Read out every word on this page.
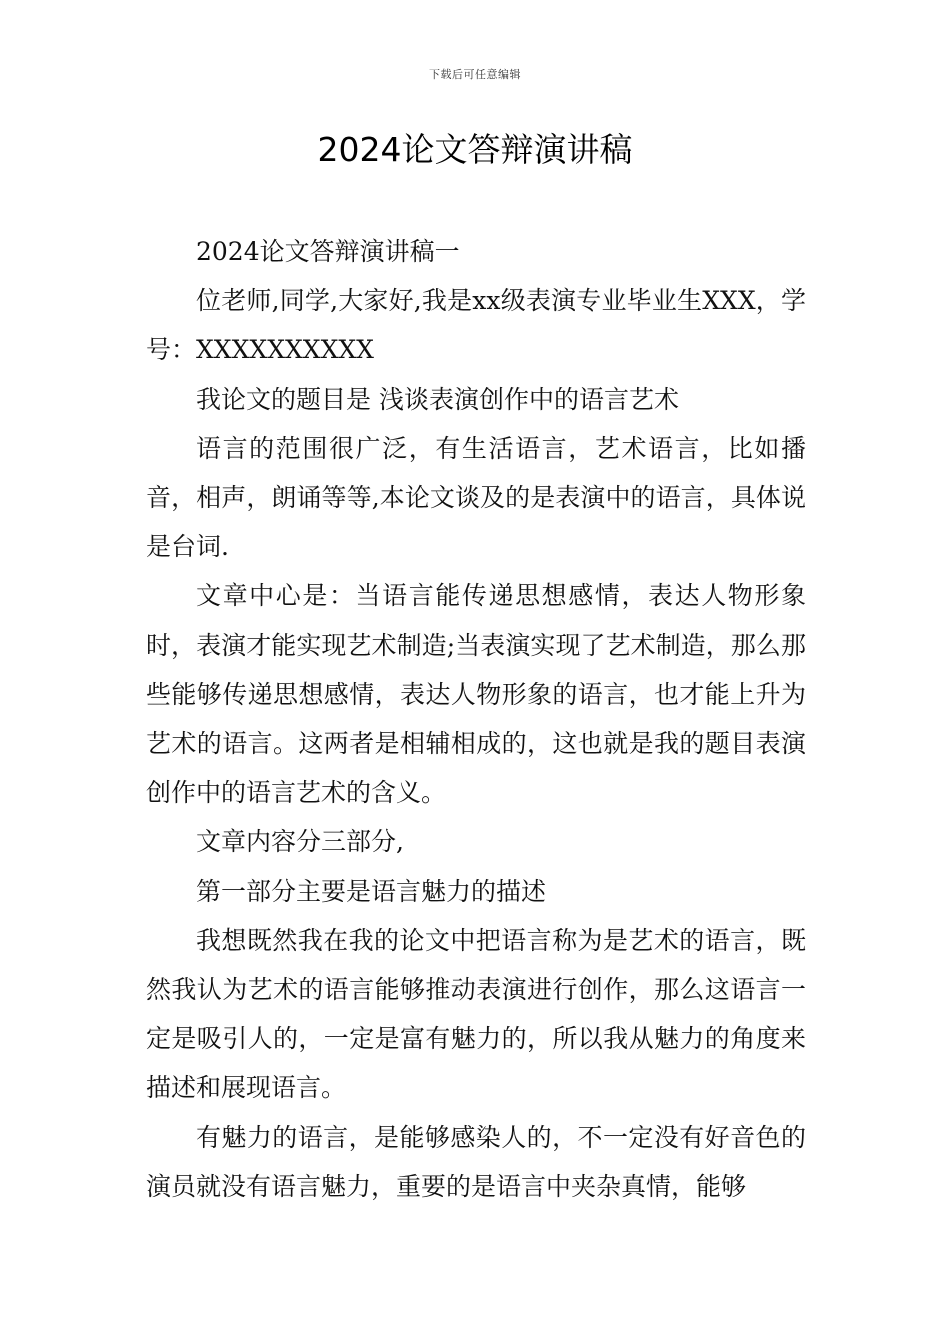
下载后可任意编辑
2024论文答辩演讲稿

2024论文答辩演讲稿一

位老师,同学,大家好,我是xx级表演专业毕业生XXX，学号：XXXXXXXXXX

我论文的题目是 浅谈表演创作中的语言艺术

语言的范围很广泛，有生活语言，艺术语言，比如播音，相声，朗诵等等,本论文谈及的是表演中的语言，具体说是台词.

文章中心是：当语言能传递思想感情，表达人物形象时，表演才能实现艺术制造;当表演实现了艺术制造，那么那些能够传递思想感情，表达人物形象的语言，也才能上升为艺术的语言。这两者是相辅相成的，这也就是我的题目表演创作中的语言艺术的含义。

文章内容分三部分,

第一部分主要是语言魅力的描述

我想既然我在我的论文中把语言称为是艺术的语言，既然我认为艺术的语言能够推动表演进行创作，那么这语言一定是吸引人的，一定是富有魅力的，所以我从魅力的角度来描述和展现语言。

有魅力的语言，是能够感染人的，不一定没有好音色的演员就没有语言魅力，重要的是语言中夹杂真情，能够
